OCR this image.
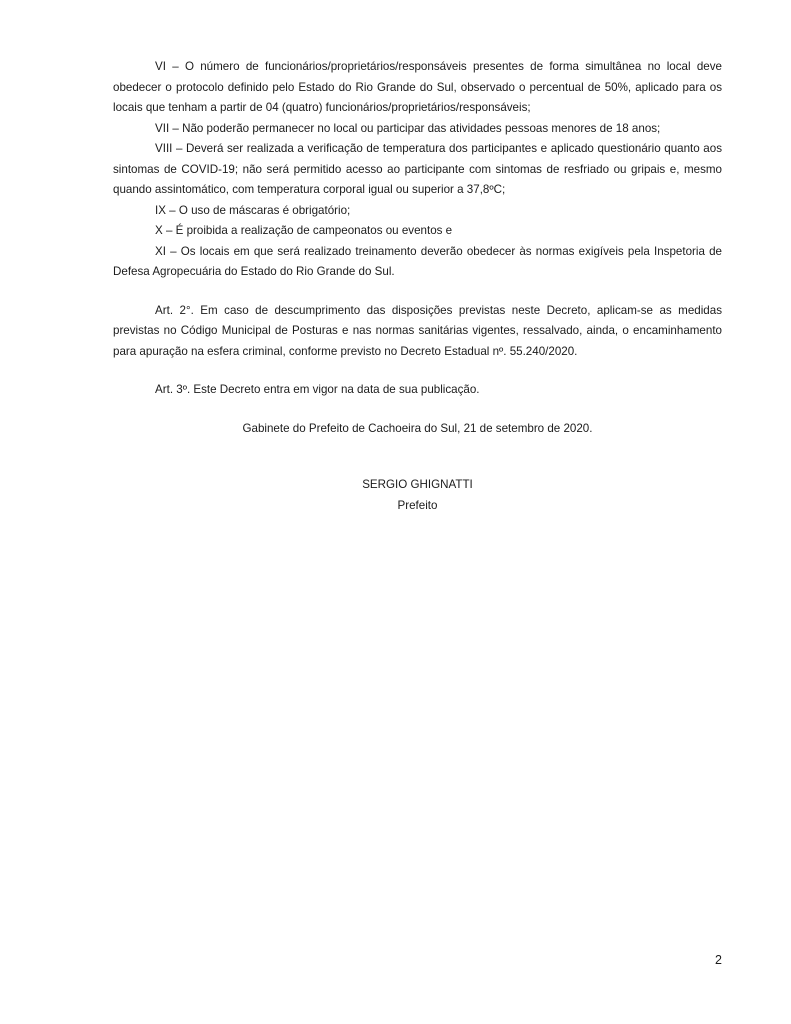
VI – O número de funcionários/proprietários/responsáveis presentes de forma simultânea no local deve obedecer o protocolo definido pelo Estado do Rio Grande do Sul, observado o percentual de 50%, aplicado para os locais que tenham a partir de 04 (quatro) funcionários/proprietários/responsáveis;

VII – Não poderão permanecer no local ou participar das atividades pessoas menores de 18 anos;

VIII – Deverá ser realizada a verificação de temperatura dos participantes e aplicado questionário quanto aos sintomas de COVID-19; não será permitido acesso ao participante com sintomas de resfriado ou gripais e, mesmo quando assintomático, com temperatura corporal igual ou superior a 37,8ºC;

IX – O uso de máscaras é obrigatório;

X – É proibida a realização de campeonatos ou eventos e

XI – Os locais em que será realizado treinamento deverão obedecer às normas exigíveis pela Inspetoria de Defesa Agropecuária do Estado do Rio Grande do Sul.

Art. 2°. Em caso de descumprimento das disposições previstas neste Decreto, aplicam-se as medidas previstas no Código Municipal de Posturas e nas normas sanitárias vigentes, ressalvado, ainda, o encaminhamento para apuração na esfera criminal, conforme previsto no Decreto Estadual nº. 55.240/2020.

Art. 3º. Este Decreto entra em vigor na data de sua publicação.

Gabinete do Prefeito de Cachoeira do Sul, 21 de setembro de 2020.

SERGIO GHIGNATTI

Prefeito

2
